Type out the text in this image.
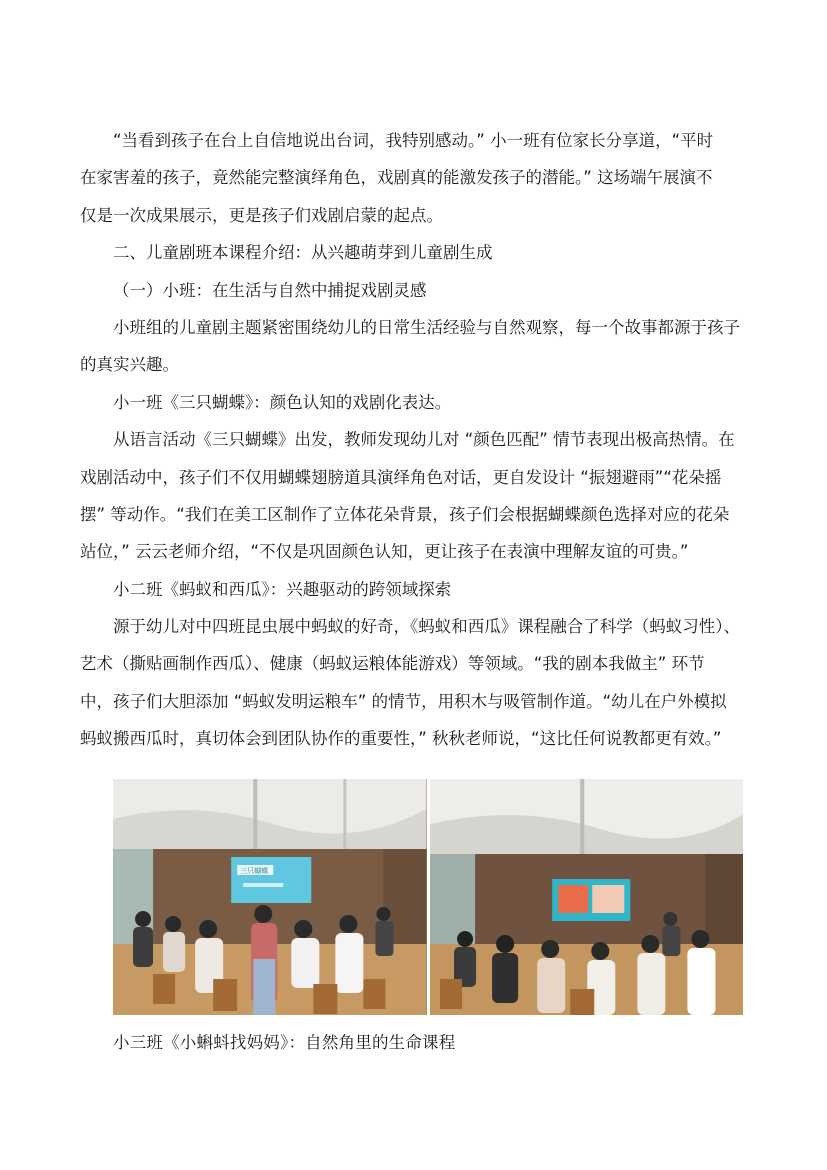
“当看到孩子在台上自信地说出台词，我特别感动。” 小一班有位家长分享道，“平时
在家害羞的孩子，竟然能完整演绎角色，戏剧真的能激发孩子的潜能。” 这场端午展演不
仅是一次成果展示，更是孩子们戏剧启蒙的起点。
二、儿童剧班本课程介绍：从兴趣萌芽到儿童剧生成
（一）小班：在生活与自然中捕捉戏剧灵感
小班组的儿童剧主题紧密围绕幼儿的日常生活经验与自然观察，每一个故事都源于孩子
的真实兴趣。
小一班《三只蝴蝶》：颜色认知的戏剧化表达。
从语言活动《三只蝴蝶》出发，教师发现幼儿对 “颜色匹配” 情节表现出极高热情。在
戏剧活动中，孩子们不仅用蝴蝶翅膀道具演绎角色对话，更自发设计 “振翅避雨”“花朵摇
摆” 等动作。“我们在美工区制作了立体花朵背景，孩子们会根据蝴蝶颜色选择对应的花朵
站位，” 云云老师介绍，“不仅是巩固颜色认知，更让孩子在表演中理解友谊的可贵。”
小二班《蚂蚁和西瓜》：兴趣驱动的跨领域探索
源于幼儿对中四班昆虫展中蚂蚁的好奇，《蚂蚁和西瓜》课程融合了科学（蚂蚁习性）、
艺术（撕贴画制作西瓜）、健康（蚂蚁运粮体能游戏）等领域。“我的剧本我做主” 环节
中，孩子们大胆添加 “蚂蚁发明运粮车” 的情节，用积木与吸管制作道。“幼儿在户外模拟
蚂蚁搬西瓜时，真切体会到团队协作的重要性，” 秋秋老师说，“这比任何说教都更有效。”
三只蝴蝶
小三班《小蝌蚪找妈妈》：自然角里的生命课程
